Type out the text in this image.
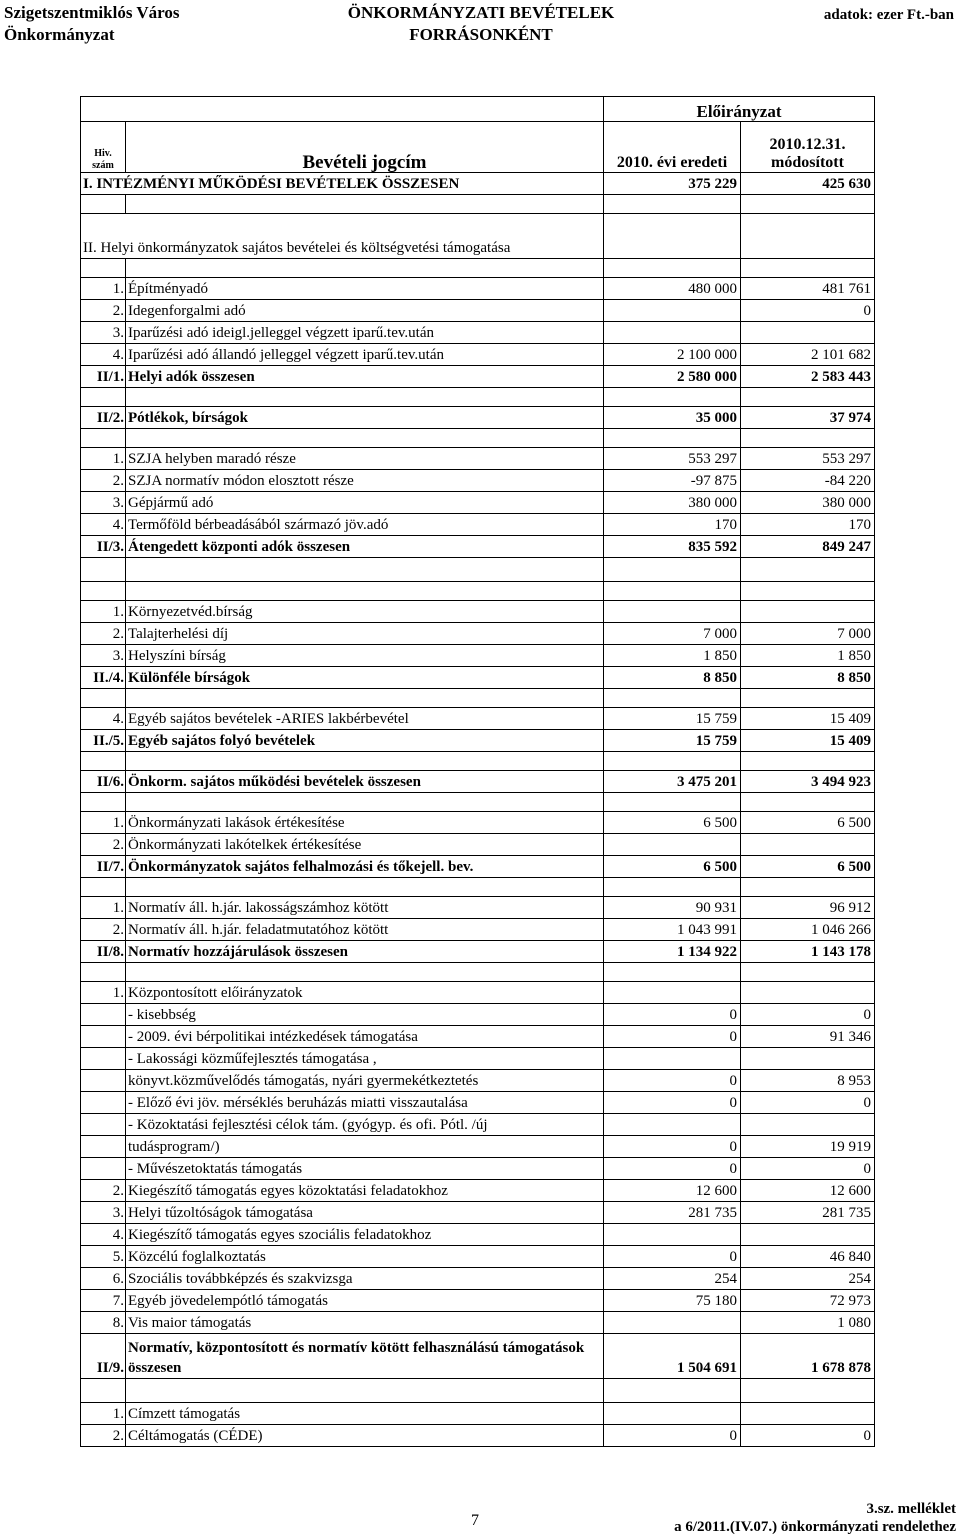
Szigetszentmiklós Város
Önkormányzat
ÖNKORMÁNYZATI BEVÉTELEK
FORRÁSONKÉNT
adatok: ezer Ft.-ban
		Előirányzat	
Hiv. szám	Bevételi jogcím	2010. évi eredeti	2010.12.31. módosított
I. INTÉZMÉNYI MŰKÖDÉSI BEVÉTELEK ÖSSZESEN		375 229	425 630

II. Helyi önkormányzatok sajátos bevételei és költségvetési támogatása			

1.	Építményadó	480 000	481 761
2.	Idegenforgalmi adó		0
3.	Iparűzési adó ideigl.jelleggel végzett iparű.tev.után		
4.	Iparűzési adó állandó jelleggel végzett iparű.tev.után	2 100 000	2 101 682
II/1.	Helyi adók összesen	2 580 000	2 583 443

II/2.	Pótlékok, bírságok	35 000	37 974

1.	SZJA helyben maradó része	553 297	553 297
2.	SZJA normatív módon elosztott része	-97 875	-84 220
3.	Gépjármű adó	380 000	380 000
4.	Termőföld bérbeadásából származó jöv.adó	170	170
II/3.	Átengedett központi adók összesen	835 592	849 247

1.	Környezetvéd.bírság		
2.	Talajterhelési díj	7 000	7 000
3.	Helyszíni bírság	1 850	1 850
II./4.	Különféle bírságok	8 850	8 850

4.	Egyéb sajátos bevételek -ARIES lakbérbevétel	15 759	15 409
II./5.	Egyéb sajátos folyó bevételek	15 759	15 409

II/6.	Önkorm. sajátos működési bevételek összesen	3 475 201	3 494 923

1.	Önkormányzati lakások értékesítése	6 500	6 500
2.	Önkormányzati lakótelkek értékesítése		
II/7.	Önkormányzatok sajátos felhalmozási és tőkejell. bev.	6 500	6 500

1.	Normatív áll. h.jár. lakosságszámhoz kötött	90 931	96 912
2.	Normatív áll. h.jár. feladatmutatóhoz kötött	1 043 991	1 046 266
II/8.	Normatív hozzájárulások összesen	1 134 922	1 143 178

1.	Központosított előirányzatok		
	- kisebbség	0	0
	- 2009. évi bérpolitikai intézkedések támogatása	0	91 346
	- Lakossági közműfejlesztés támogatása ,		
	könyvt.közművelődés támogatás, nyári gyermekétkeztetés	0	8 953
	- Előző évi jöv. mérséklés beruházás miatti visszautalása	0	0
	- Közoktatási fejlesztési célok tám. (gyógyp. és ofi. Pótl. /új		
	tudásprogram/)	0	19 919
	- Művészetoktatás támogatás	0	0
2.	Kiegészítő támogatás egyes közoktatási feladatokhoz	12 600	12 600
3.	Helyi tűzoltóságok támogatása	281 735	281 735
4.	Kiegészítő támogatás egyes szociális feladatokhoz		
5.	Közcélú foglalkoztatás	0	46 840
6.	Szociális továbbképzés és szakvizsga	254	254
7.	Egyéb jövedelempótló támogatás	75 180	72 973
8.	Vis maior támogatás		1 080
II/9.	Normatív, központosított és normatív kötött felhasználású támogatások összesen	1 504 691	1 678 878

1.	Címzett támogatás		
2.	Céltámogatás (CÉDE)	0	0
7
3.sz. melléklet
a 6/2011.(IV.07.) önkormányzati rendelethez
